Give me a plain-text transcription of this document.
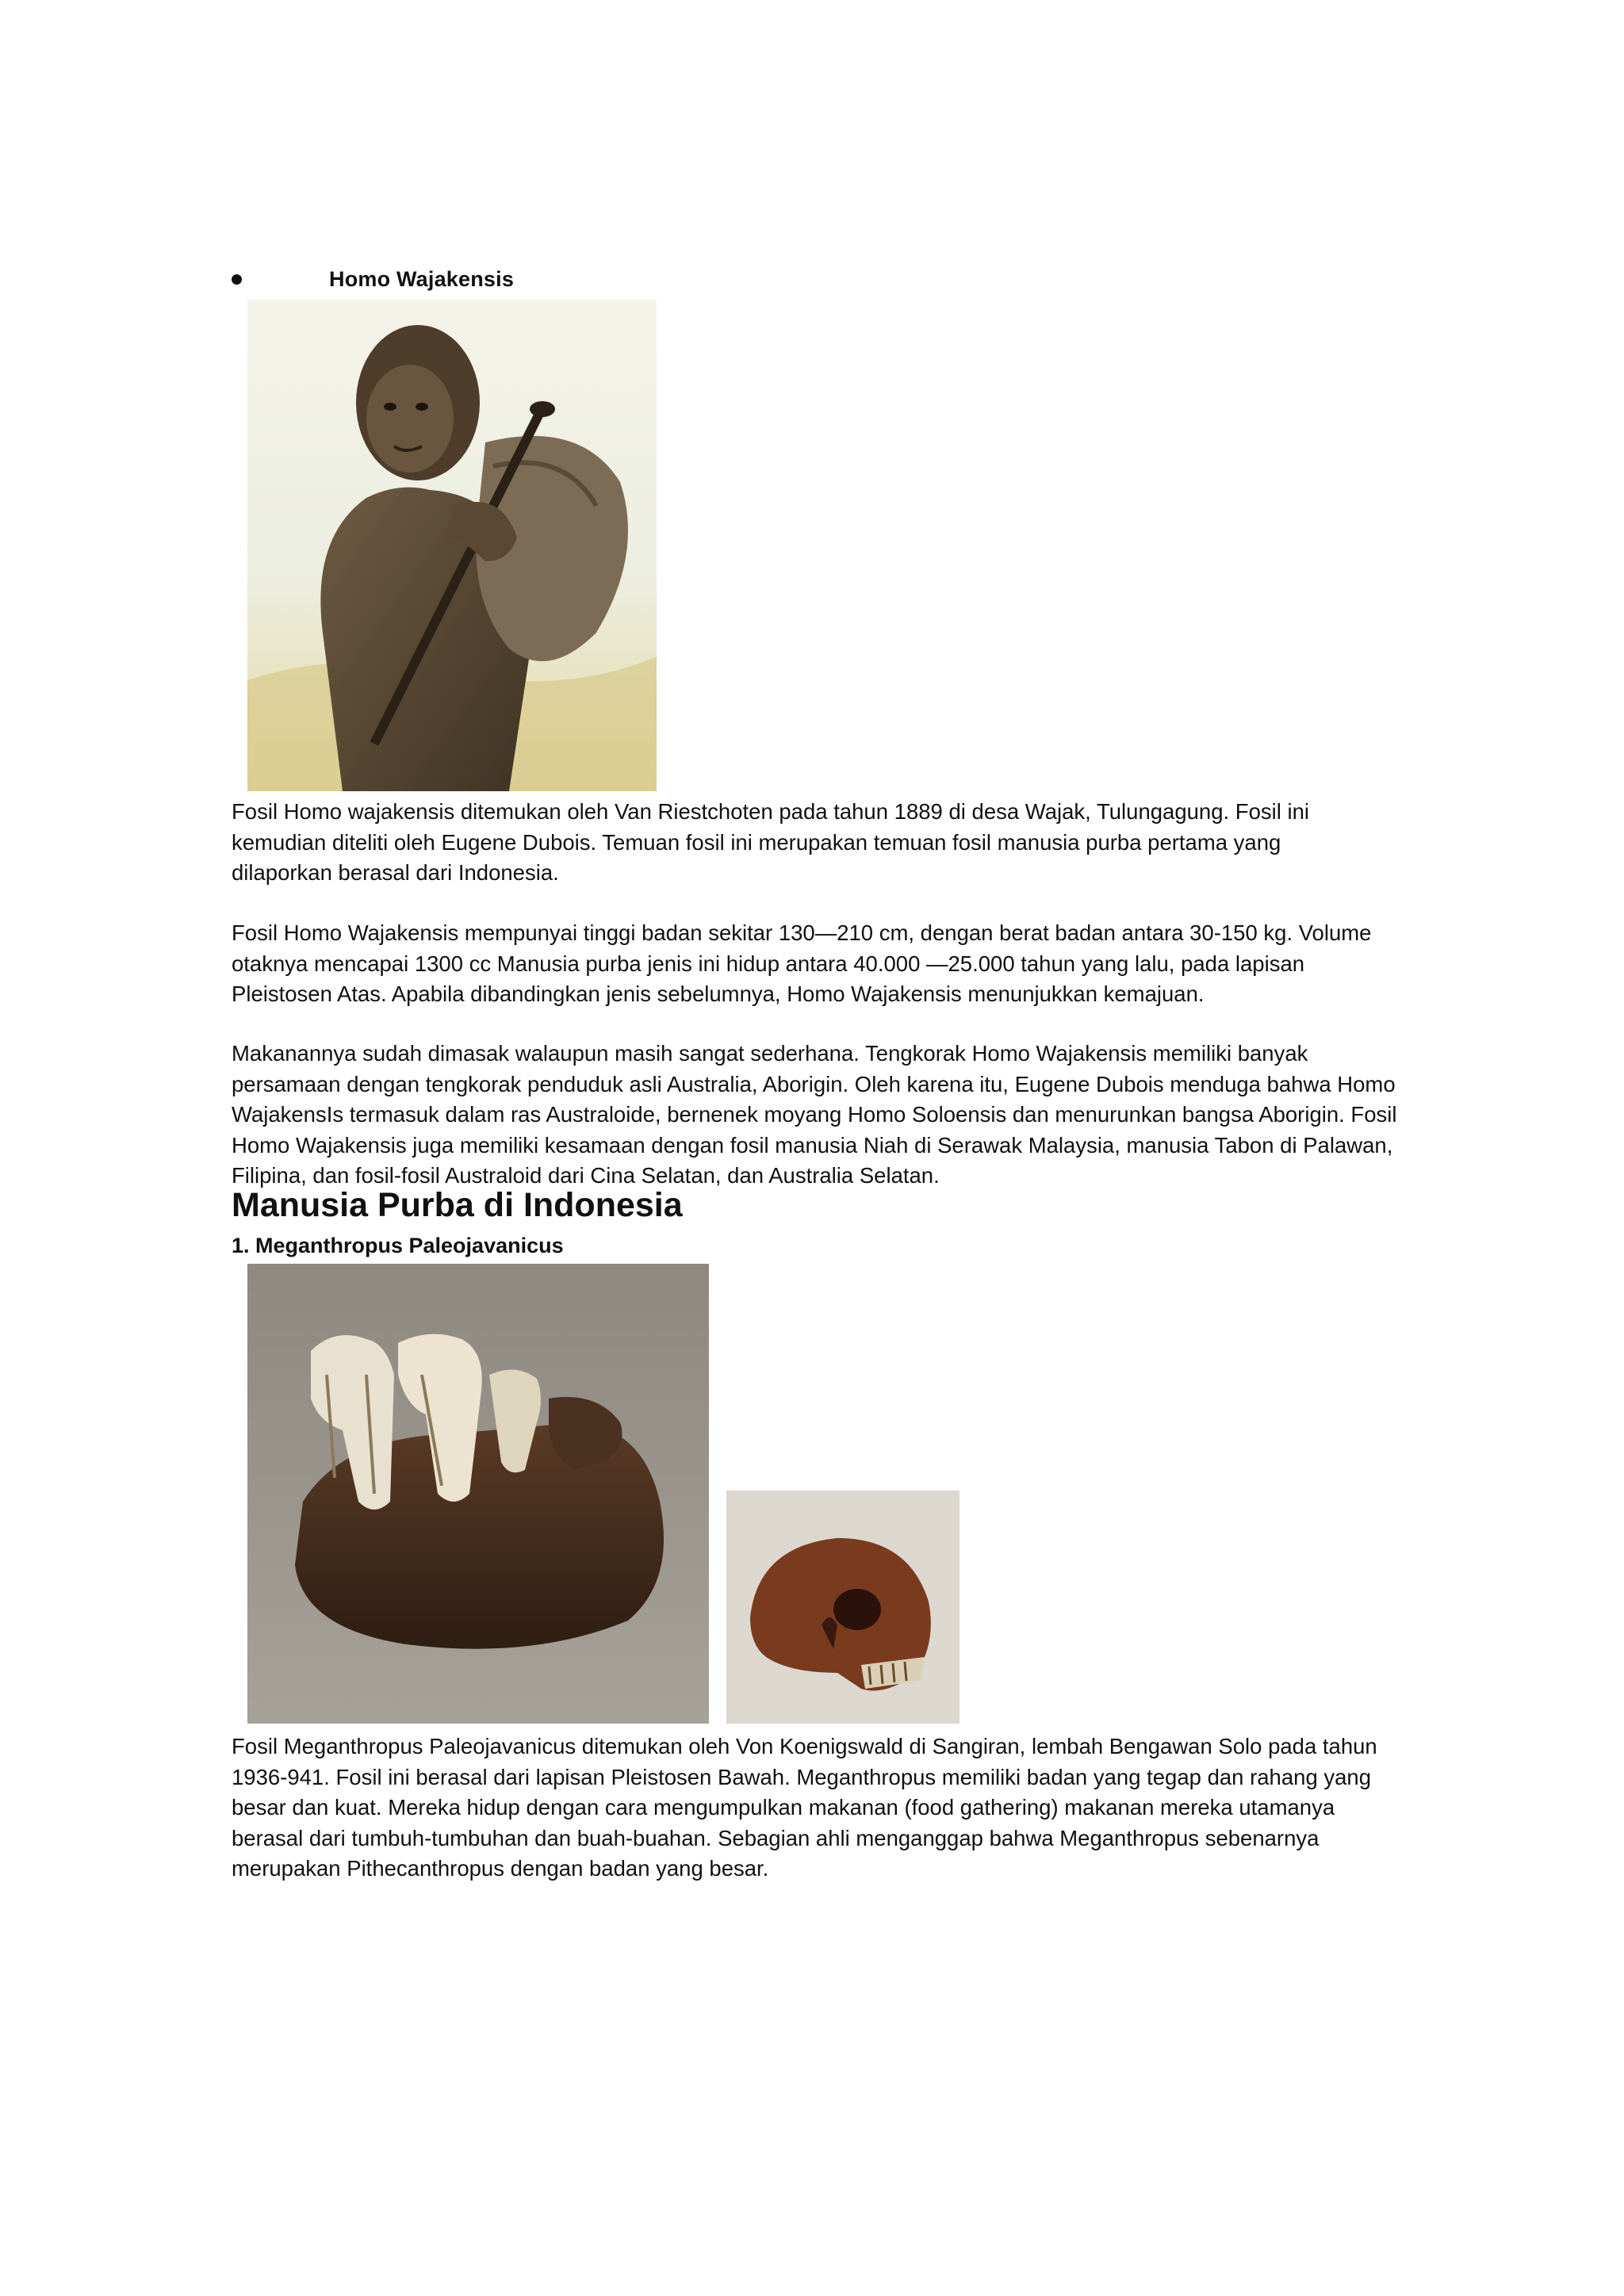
Homo Wajakensis

Fosil Homo wajakensis ditemukan oleh Van Riestchoten pada tahun 1889 di desa Wajak, Tulungagung. Fosil ini
kemudian diteliti oleh Eugene Dubois. Temuan fosil ini merupakan temuan fosil manusia purba pertama yang
dilaporkan berasal dari Indonesia.

Fosil Homo Wajakensis mempunyai tinggi badan sekitar 130—210 cm, dengan berat badan antara 30-150 kg. Volume
otaknya mencapai 1300 cc Manusia purba jenis ini hidup antara 40.000 —25.000 tahun yang lalu, pada lapisan
Pleistosen Atas. Apabila dibandingkan jenis sebelumnya, Homo Wajakensis menunjukkan kemajuan.

Makanannya sudah dimasak walaupun masih sangat sederhana. Tengkorak Homo Wajakensis memiliki banyak
persamaan dengan tengkorak penduduk asli Australia, Aborigin. Oleh karena itu, Eugene Dubois menduga bahwa Homo
WajakensIs termasuk dalam ras Australoide, bernenek moyang Homo Soloensis dan menurunkan bangsa Aborigin. Fosil
Homo Wajakensis juga memiliki kesamaan dengan fosil manusia Niah di Serawak Malaysia, manusia Tabon di Palawan,
Filipina, dan fosil-fosil Australoid dari Cina Selatan, dan Australia Selatan.

Manusia Purba di Indonesia
1. Meganthropus Paleojavanicus

Fosil Meganthropus Paleojavanicus ditemukan oleh Von Koenigswald di Sangiran, lembah Bengawan Solo pada tahun
1936-941. Fosil ini berasal dari lapisan Pleistosen Bawah. Meganthropus memiliki badan yang tegap dan rahang yang
besar dan kuat. Mereka hidup dengan cara mengumpulkan makanan (food gathering) makanan mereka utamanya
berasal dari tumbuh-tumbuhan dan buah-buahan. Sebagian ahli menganggap bahwa Meganthropus sebenarnya
merupakan Pithecanthropus dengan badan yang besar.
